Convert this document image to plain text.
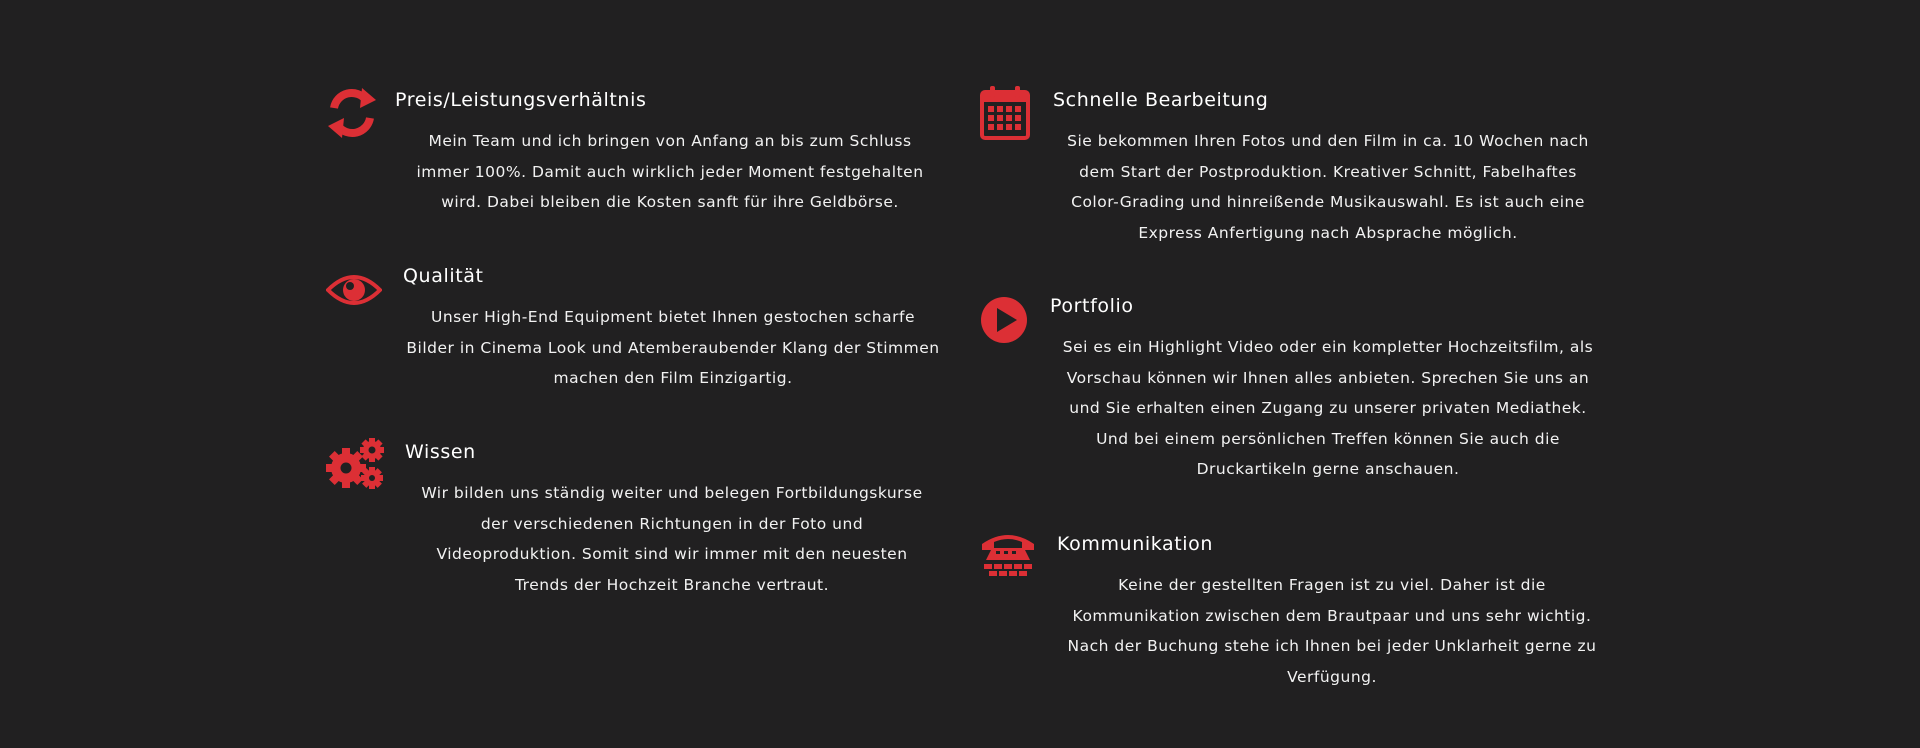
Preis/Leistungsverhältnis

Mein Team und ich bringen von Anfang an bis zum Schluss immer 100%. Damit auch wirklich jeder Moment festgehalten wird. Dabei bleiben die Kosten sanft für ihre Geldbörse.

Qualität

Unser High-End Equipment bietet Ihnen gestochen scharfe Bilder in Cinema Look und Atemberaubender Klang der Stimmen machen den Film Einzigartig.

Wissen

Wir bilden uns ständig weiter und belegen Fortbildungskurse der verschiedenen Richtungen in der Foto und Videoproduktion. Somit sind wir immer mit den neuesten Trends der Hochzeit Branche vertraut.

Schnelle Bearbeitung

Sie bekommen Ihren Fotos und den Film in ca. 10 Wochen nach dem Start der Postproduktion. Kreativer Schnitt, Fabelhaftes Color-Grading und hinreißende Musikauswahl. Es ist auch eine Express Anfertigung nach Absprache möglich.

Portfolio

Sei es ein Highlight Video oder ein kompletter Hochzeitsfilm, als Vorschau können wir Ihnen alles anbieten. Sprechen Sie uns an und Sie erhalten einen Zugang zu unserer privaten Mediathek. Und bei einem persönlichen Treffen können Sie auch die Druckartikeln gerne anschauen.

Kommunikation

Keine der gestellten Fragen ist zu viel. Daher ist die Kommunikation zwischen dem Brautpaar und uns sehr wichtig. Nach der Buchung stehe ich Ihnen bei jeder Unklarheit gerne zu Verfügung.
